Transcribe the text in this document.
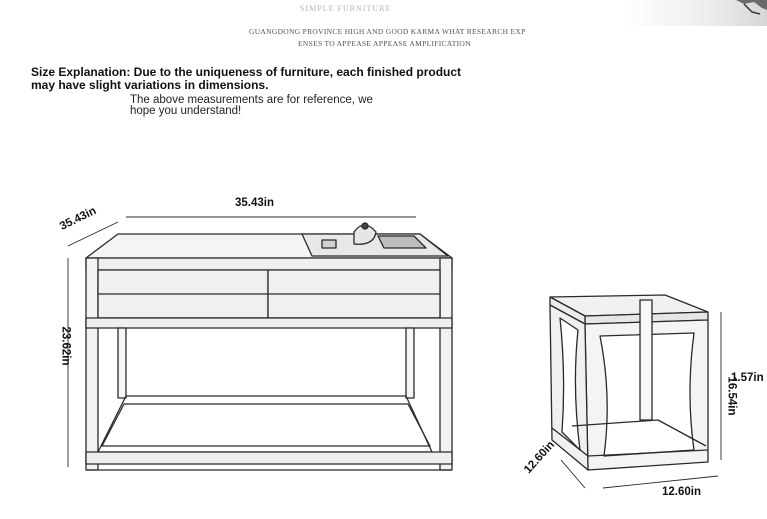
SIMPLE FURNITURE
GUANGDONG PROVINCE HIGH AND GOOD KARMA WHAT RESEARCH EXP
ENSES TO APPEASE APPEASE AMPLIFICATION
Size Explanation: Due to the uniqueness of furniture, each finished product may have slight variations in dimensions.
The above measurements are for reference, we hope you understand!
35.43in
35.43in
23.62in
1.57in
16.54in
12.60in
12.60in
